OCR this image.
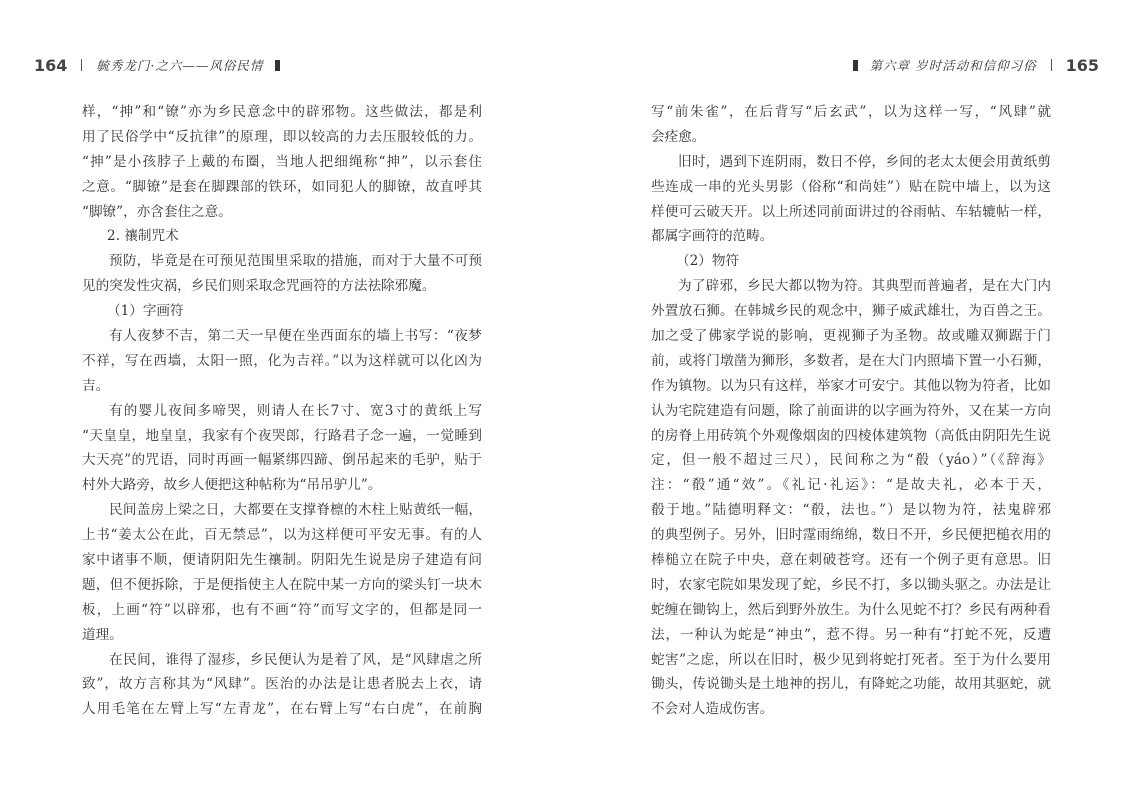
164 毓秀龙门·之六——风俗民情
样，“抻”和“镣”亦为乡民意念中的辟邪物。这些做法，都是利
用了民俗学中“反抗律”的原理，即以较高的力去压服较低的力。
“抻”是小孩脖子上戴的布圈，当地人把细绳称“抻”，以示套住
之意。“脚镣”是套在脚踝部的铁环，如同犯人的脚镣，故直呼其
“脚镣”，亦含套住之意。
2. 禳制咒术
预防，毕竟是在可预见范围里采取的措施，而对于大量不可预
见的突发性灾祸，乡民们则采取念咒画符的方法祛除邪魔。
（1）字画符
有人夜梦不吉，第二天一早便在坐西面东的墙上书写：“夜梦
不祥，写在西墙，太阳一照，化为吉祥。”以为这样就可以化凶为
吉。
有的婴儿夜间多啼哭，则请人在长7寸、宽3寸的黄纸上写
“天皇皇，地皇皇，我家有个夜哭郎，行路君子念一遍，一觉睡到
大天亮”的咒语，同时再画一幅紧绑四蹄、倒吊起来的毛驴，贴于
村外大路旁，故乡人便把这种帖称为“吊吊驴儿”。
民间盖房上梁之日，大都要在支撑脊檩的木柱上贴黄纸一幅，
上书“姜太公在此，百无禁忌”，以为这样便可平安无事。有的人
家中诸事不顺，便请阴阳先生禳制。阴阳先生说是房子建造有问
题，但不便拆除，于是便指使主人在院中某一方向的梁头钉一块木
板，上画“符”以辟邪，也有不画“符”而写文字的，但都是同一
道理。
在民间，谁得了湿疹，乡民便认为是着了风，是“风肆虐之所
致”，故方言称其为“风肆”。医治的办法是让患者脱去上衣，请
人用毛笔在左臂上写“左青龙”，在右臂上写“右白虎”，在前胸
第六章 岁时活动和信仰习俗 165
写“前朱雀”，在后背写“后玄武”，以为这样一写，“风肆”就
会痊愈。
旧时，遇到下连阴雨，数日不停，乡间的老太太便会用黄纸剪
些连成一串的光头男影（俗称“和尚娃”）贴在院中墙上，以为这
样便可云破天开。以上所述同前面讲过的谷雨帖、车轱辘帖一样，
都属字画符的范畴。
（2）物符
为了辟邪，乡民大都以物为符。其典型而普遍者，是在大门内
外置放石狮。在韩城乡民的观念中，狮子威武雄壮，为百兽之王。
加之受了佛家学说的影响，更视狮子为圣物。故或雕双狮踞于门
前，或将门墩凿为狮形，多数者，是在大门内照墙下置一小石狮，
作为镇物。以为只有这样，举家才可安宁。其他以物为符者，比如
认为宅院建造有问题，除了前面讲的以字画为符外，又在某一方向
的房脊上用砖筑个外观像烟囱的四棱体建筑物（高低由阴阳先生说
定，但一般不超过三尺），民间称之为“殽（yáo）”（《辞海》
注：“殽”通“效”。《礼记·礼运》：“是故夫礼，必本于天，
殽于地。”陆德明释文：“殽，法也。”）是以物为符，祛鬼辟邪
的典型例子。另外，旧时霪雨绵绵，数日不开，乡民便把槌衣用的
棒槌立在院子中央，意在刺破苍穹。还有一个例子更有意思。旧
时，农家宅院如果发现了蛇，乡民不打，多以锄头驱之。办法是让
蛇缠在锄钩上，然后到野外放生。为什么见蛇不打？乡民有两种看
法，一种认为蛇是“神虫”，惹不得。另一种有“打蛇不死，反遭
蛇害”之虑，所以在旧时，极少见到将蛇打死者。至于为什么要用
锄头，传说锄头是土地神的拐儿，有降蛇之功能，故用其驱蛇，就
不会对人造成伤害。
